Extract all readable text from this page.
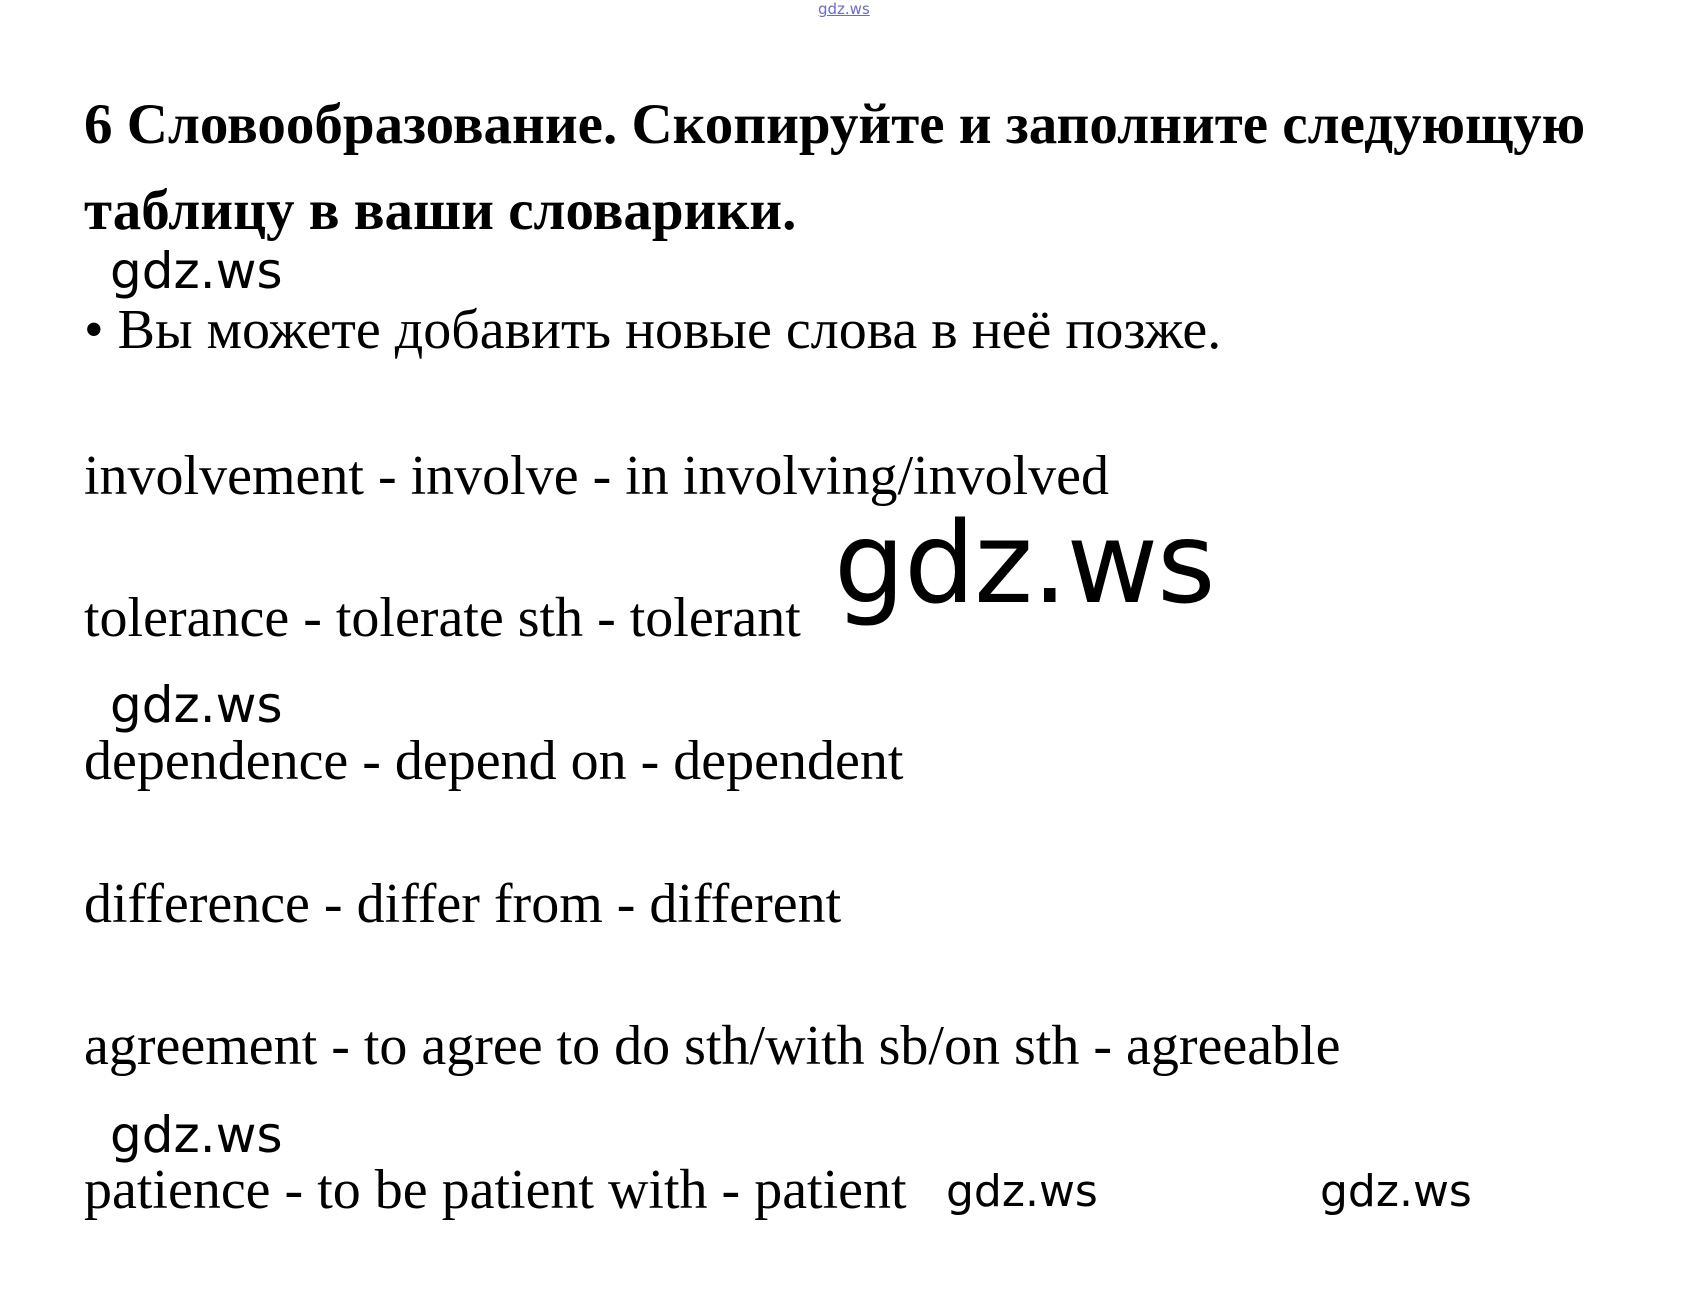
gdz.ws
6 Словообразование. Скопируйте и заполните следующую таблицу в ваши словарики.
gdz.ws

• Вы можете добавить новые слова в неё позже.

involvement - involve - in involving/involved

gdz.ws

tolerance - tolerate sth - tolerant

gdz.ws

dependence - depend on - dependent

difference - differ from - different

agreement - to agree to do sth/with sb/on sth - agreeable

gdz.ws

patience - to be patient with - patient gdz.ws	gdz.ws
